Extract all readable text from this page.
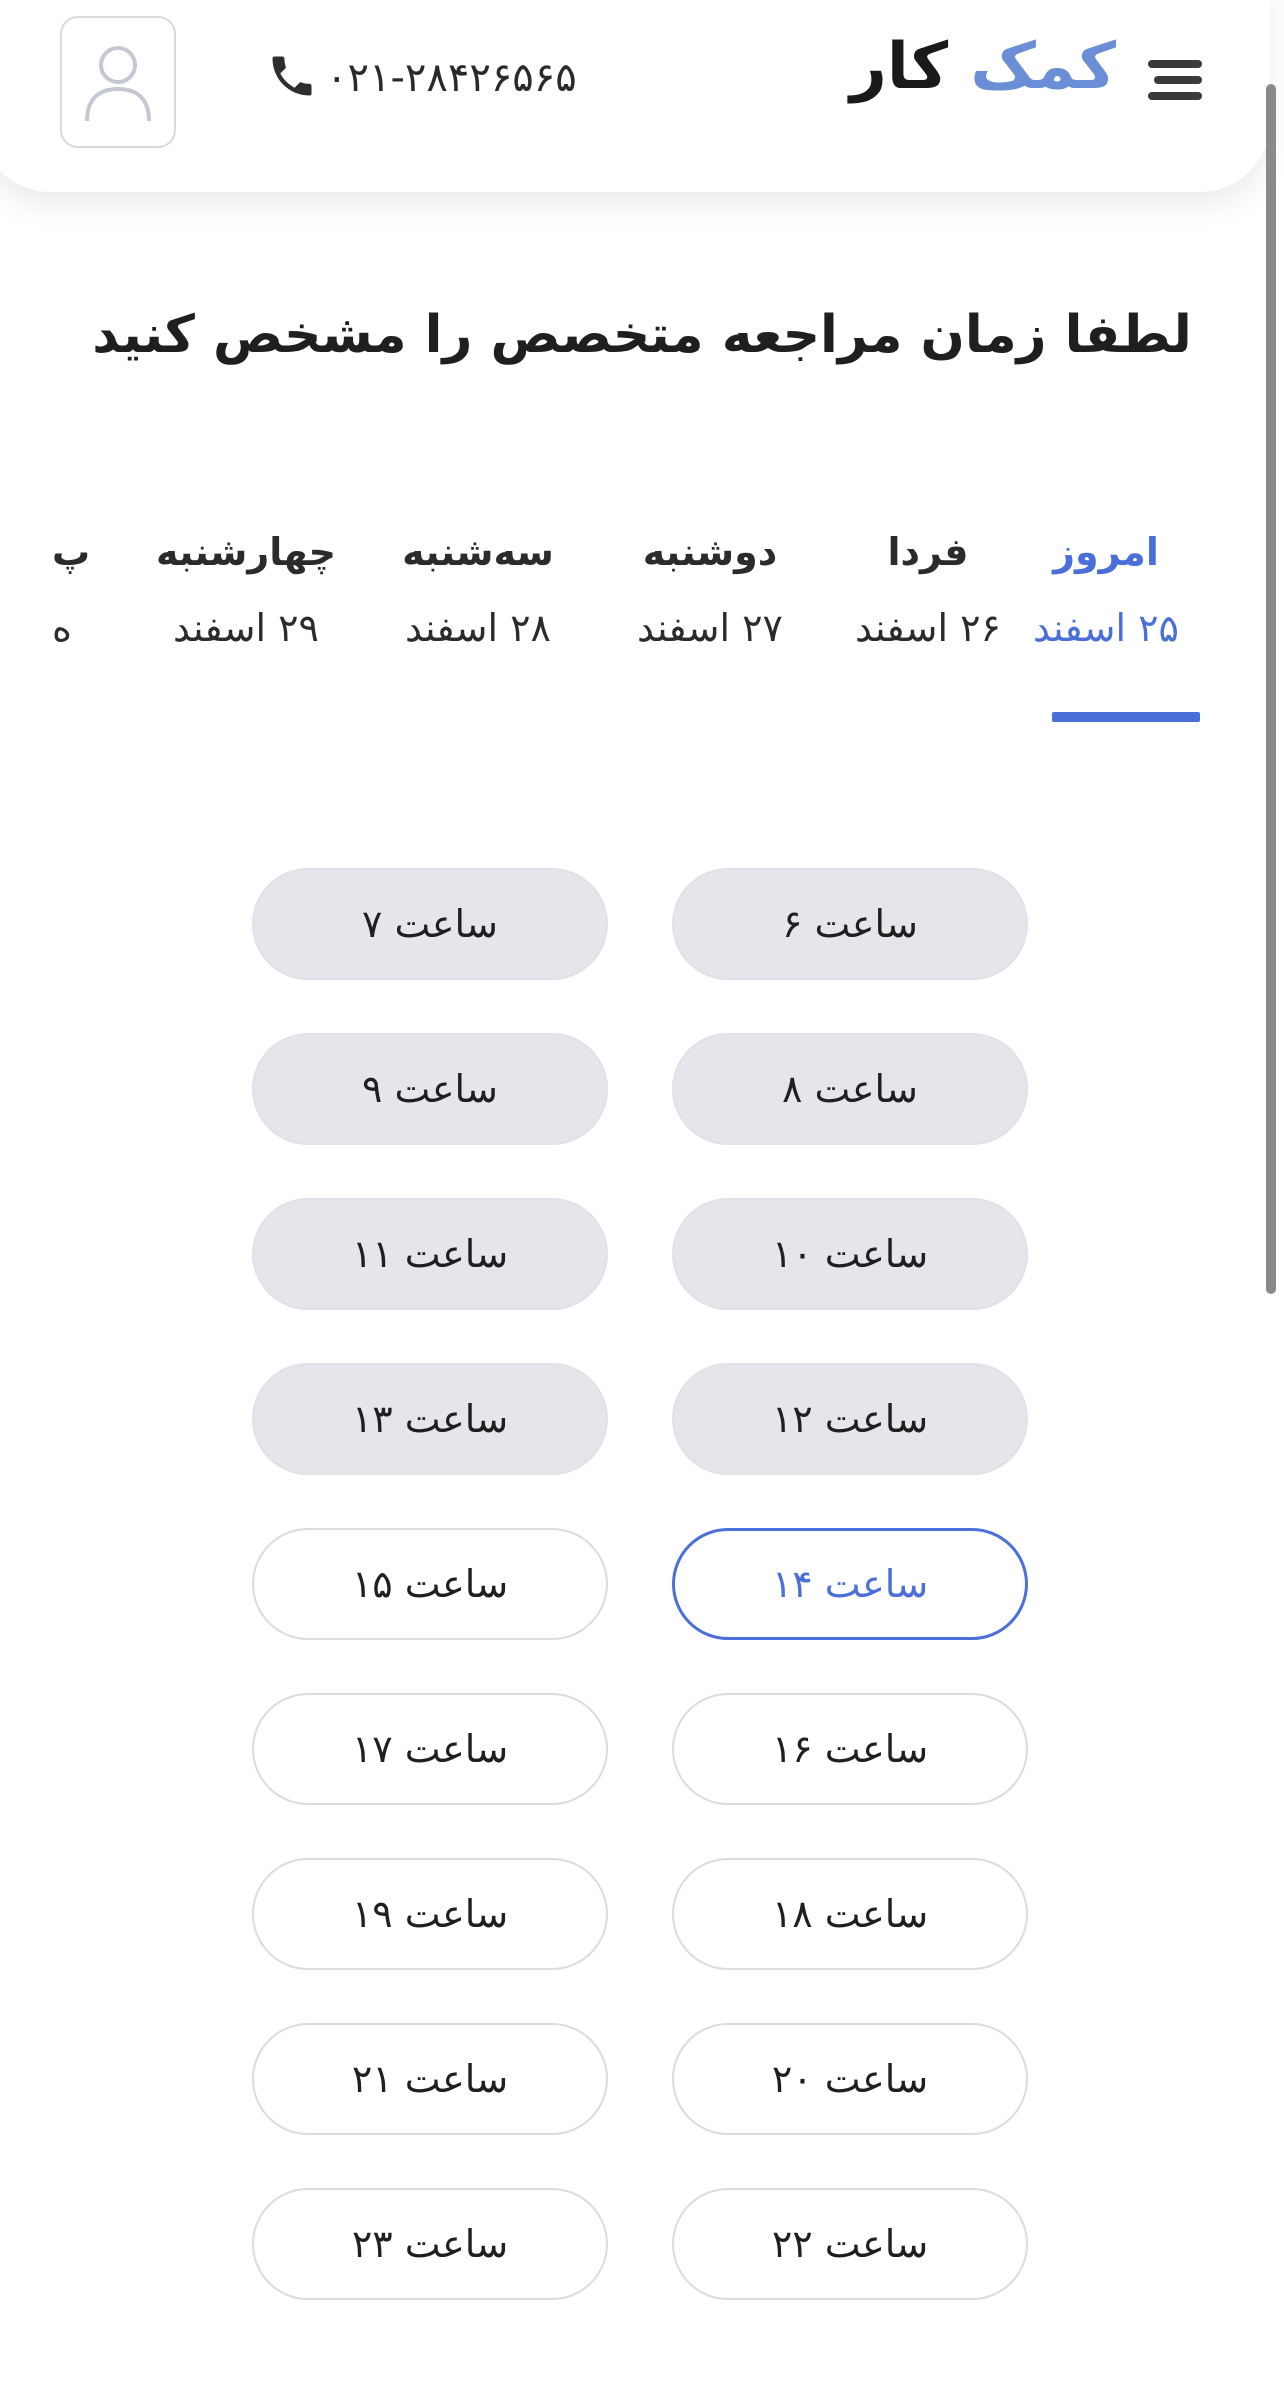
کمک کار
۰۲۱-۲۸۴۲۶۵۶۵
لطفا زمان مراجعه متخصص را مشخص کنید
امروز
۲۵ اسفند
فردا
۲۶ اسفند
دوشنبه
۲۷ اسفند
سه‌شنبه
۲۸ اسفند
چهارشنبه
۲۹ اسفند
پ
ه
ساعت ۶
ساعت ۷
ساعت ۸
ساعت ۹
ساعت ۱۰
ساعت ۱۱
ساعت ۱۲
ساعت ۱۳
ساعت ۱۴
ساعت ۱۵
ساعت ۱۶
ساعت ۱۷
ساعت ۱۸
ساعت ۱۹
ساعت ۲۰
ساعت ۲۱
ساعت ۲۲
ساعت ۲۳
